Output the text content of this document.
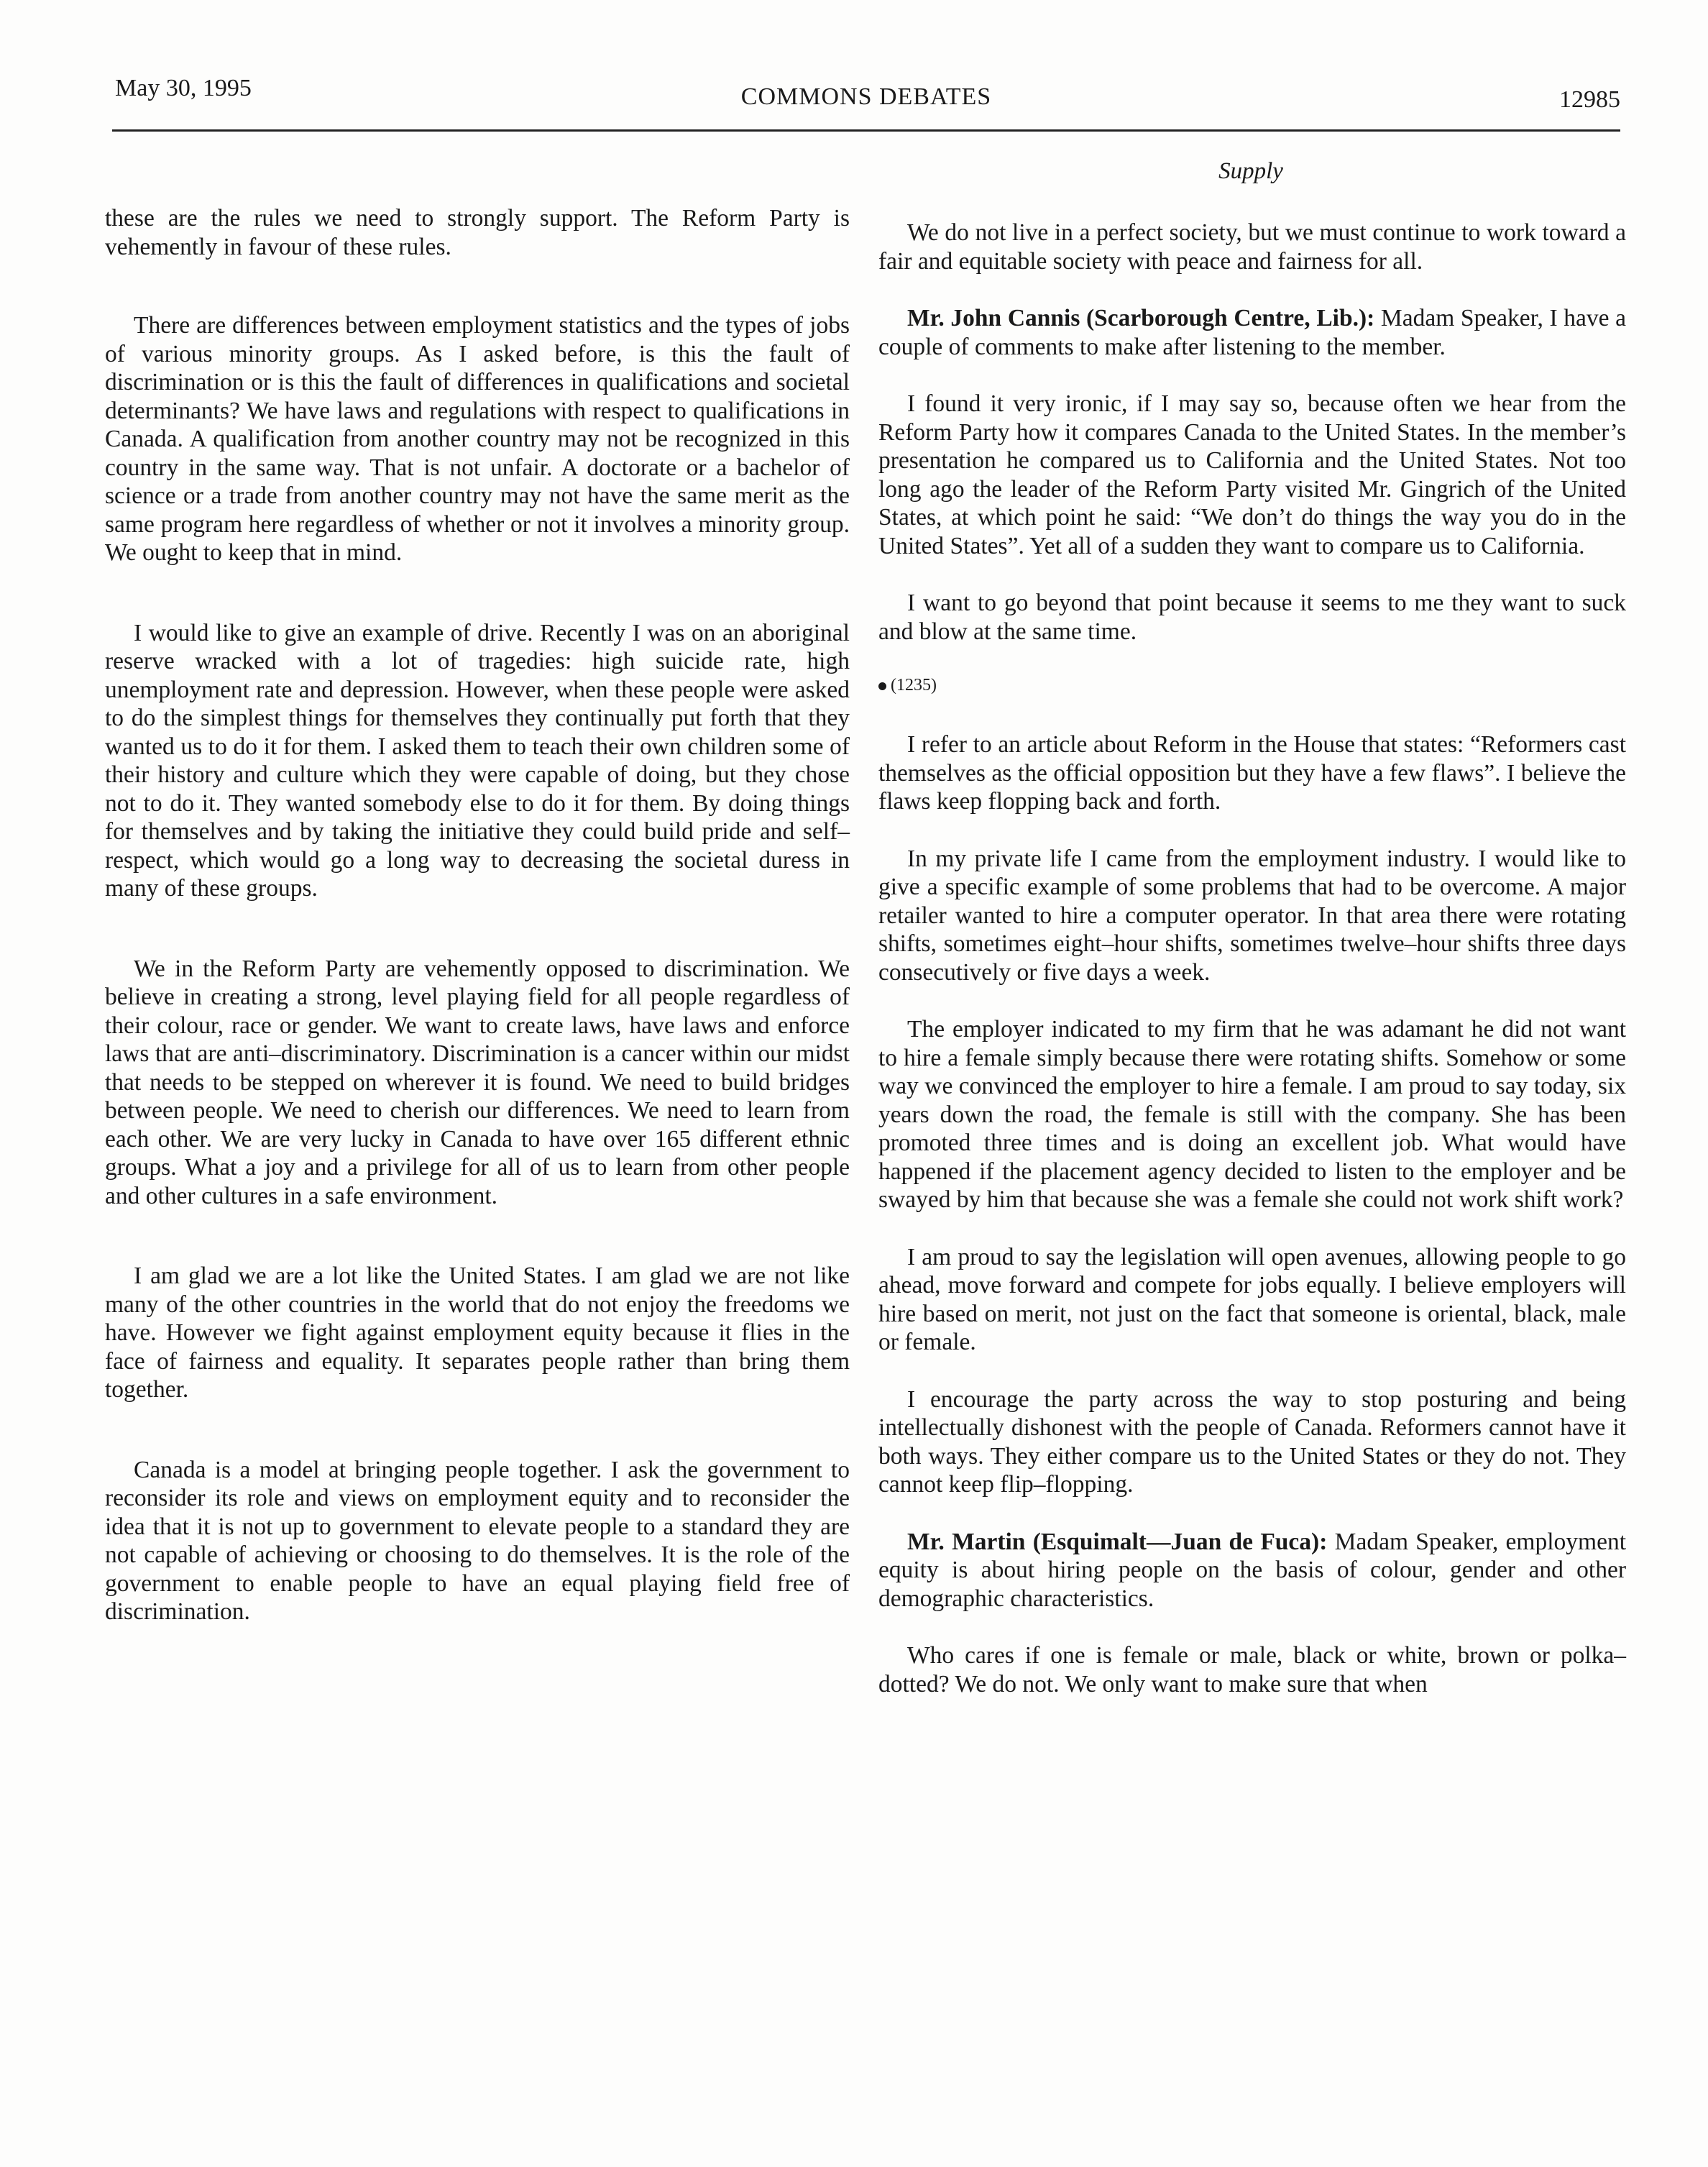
May 30, 1995	COMMONS DEBATES	12985
Supply

these are the rules we need to strongly support. The Reform Party is vehemently in favour of these rules.

There are differences between employment statistics and the types of jobs of various minority groups. As I asked before, is this the fault of discrimination or is this the fault of differences in qualifications and societal determinants? We have laws and regulations with respect to qualifications in Canada. A qualification from another country may not be recognized in this country in the same way. That is not unfair. A doctorate or a bachelor of science or a trade from another country may not have the same merit as the same program here regardless of whether or not it involves a minority group. We ought to keep that in mind.

I would like to give an example of drive. Recently I was on an aboriginal reserve wracked with a lot of tragedies: high suicide rate, high unemployment rate and depression. However, when these people were asked to do the simplest things for themselves they continually put forth that they wanted us to do it for them. I asked them to teach their own children some of their history and culture which they were capable of doing, but they chose not to do it. They wanted somebody else to do it for them. By doing things for themselves and by taking the initiative they could build pride and self–respect, which would go a long way to decreasing the societal duress in many of these groups.

We in the Reform Party are vehemently opposed to discrimination. We believe in creating a strong, level playing field for all people regardless of their colour, race or gender. We want to create laws, have laws and enforce laws that are anti–discriminatory. Discrimination is a cancer within our midst that needs to be stepped on wherever it is found. We need to build bridges between people. We need to cherish our differences. We need to learn from each other. We are very lucky in Canada to have over 165 different ethnic groups. What a joy and a privilege for all of us to learn from other people and other cultures in a safe environment.

I am glad we are a lot like the United States. I am glad we are not like many of the other countries in the world that do not enjoy the freedoms we have. However we fight against employment equity because it flies in the face of fairness and equality. It separates people rather than bring them together.

Canada is a model at bringing people together. I ask the government to reconsider its role and views on employment equity and to reconsider the idea that it is not up to government to elevate people to a standard they are not capable of achieving or choosing to do themselves. It is the role of the government to enable people to have an equal playing field free of discrimination.

We do not live in a perfect society, but we must continue to work toward a fair and equitable society with peace and fairness for all.

Mr. John Cannis (Scarborough Centre, Lib.): Madam Speaker, I have a couple of comments to make after listening to the member.

I found it very ironic, if I may say so, because often we hear from the Reform Party how it compares Canada to the United States. In the member’s presentation he compared us to California and the United States. Not too long ago the leader of the Reform Party visited Mr. Gingrich of the United States, at which point he said: “We don’t do things the way you do in the United States”. Yet all of a sudden they want to compare us to California.

I want to go beyond that point because it seems to me they want to suck and blow at the same time.

(1235)

I refer to an article about Reform in the House that states: “Reformers cast themselves as the official opposition but they have a few flaws”. I believe the flaws keep flopping back and forth.

In my private life I came from the employment industry. I would like to give a specific example of some problems that had to be overcome. A major retailer wanted to hire a computer operator. In that area there were rotating shifts, sometimes eight–hour shifts, sometimes twelve–hour shifts three days consecutively or five days a week.

The employer indicated to my firm that he was adamant he did not want to hire a female simply because there were rotating shifts. Somehow or some way we convinced the employer to hire a female. I am proud to say today, six years down the road, the female is still with the company. She has been promoted three times and is doing an excellent job. What would have happened if the placement agency decided to listen to the employer and be swayed by him that because she was a female she could not work shift work?

I am proud to say the legislation will open avenues, allowing people to go ahead, move forward and compete for jobs equally. I believe employers will hire based on merit, not just on the fact that someone is oriental, black, male or female.

I encourage the party across the way to stop posturing and being intellectually dishonest with the people of Canada. Reformers cannot have it both ways. They either compare us to the United States or they do not. They cannot keep flip–flopping.

Mr. Martin (Esquimalt—Juan de Fuca): Madam Speaker, employment equity is about hiring people on the basis of colour, gender and other demographic characteristics.

Who cares if one is female or male, black or white, brown or polka–dotted? We do not. We only want to make sure that when
